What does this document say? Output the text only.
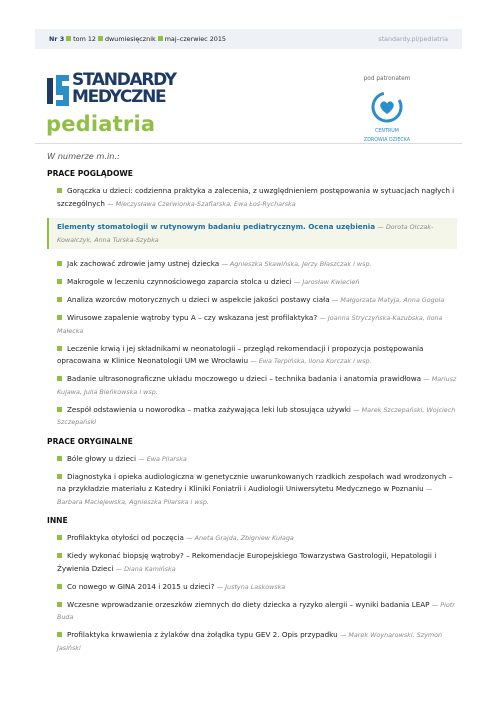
Nr 3 tom 12 dwumiesięcznik maj–czerwiec 2015	standardy.pl/pediatria
STANDARDY
MEDYCZNE
pediatria
pod patronatem
CENTRUM
ZDROWIA DZIECKA
W numerze m.in.:
PRACE POGLĄDOWE
Gorączka u dzieci: codzienna praktyka a zalecenia, z uwzględnieniem postępowania w sytuacjach nagłych i szczególnych — Mieczysława Czerwionka-Szaflarska, Ewa Łoś-Rycharska
Elementy stomatologii w rutynowym badaniu pediatrycznym. Ocena uzębienia — Dorota Olczak-Kowalczyk, Anna Turska-Szybka
Jak zachować zdrowie jamy ustnej dziecka — Agnieszka Skawińska, Jerzy Błaszczak i wsp.
Makrogole w leczeniu czynnościowego zaparcia stolca u dzieci — Jarosław Kwiecień
Analiza wzorców motorycznych u dzieci w aspekcie jakości postawy ciała — Małgorzata Matyja, Anna Gogola
Wirusowe zapalenie wątroby typu A – czy wskazana jest profilaktyka? — Joanna Stryczyńska-Kazubska, Ilona Małecka
Leczenie krwią i jej składnikami w neonatologii – przegląd rekomendacji i propozycja postępowania opracowana w Klinice Neonatologii UM we Wrocławiu — Ewa Terpińska, Ilona Korczak i wsp.
Badanie ultrasonograficzne układu moczowego u dzieci – technika badania i anatomia prawidłowa — Mariusz Kujawa, Julia Bieńkowska i wsp.
Zespół odstawienia u noworodka – matka zażywająca leki lub stosująca używki — Marek Szczepański, Wojciech Szczepański
PRACE ORYGINALNE
Bóle głowy u dzieci — Ewa Pilarska
Diagnostyka i opieka audiologiczna w genetycznie uwarunkowanych rzadkich zespołach wad wrodzonych – na przykładzie materiału z Katedry i Kliniki Foniatrii i Audiologii Uniwersytetu Medycznego w Poznaniu — Barbara Maciejewska, Agnieszka Pilarska i wsp.
INNE
Profilaktyka otyłości od poczęcia — Aneta Grajda, Zbigniew Kułaga
Kiedy wykonać biopsję wątroby? – Rekomendacje Europejskiego Towarzystwa Gastrologii, Hepatologii i Żywienia Dzieci — Diana Kamińska
Co nowego w GINA 2014 i 2015 u dzieci? — Justyna Laskowska
Wczesne wprowadzanie orzeszków ziemnych do diety dziecka a ryzyko alergii – wyniki badania LEAP — Piotr Buda
Profilaktyka krwawienia z żylaków dna żołądka typu GEV 2. Opis przypadku — Marek Woynarowski, Szymon Jasiński
